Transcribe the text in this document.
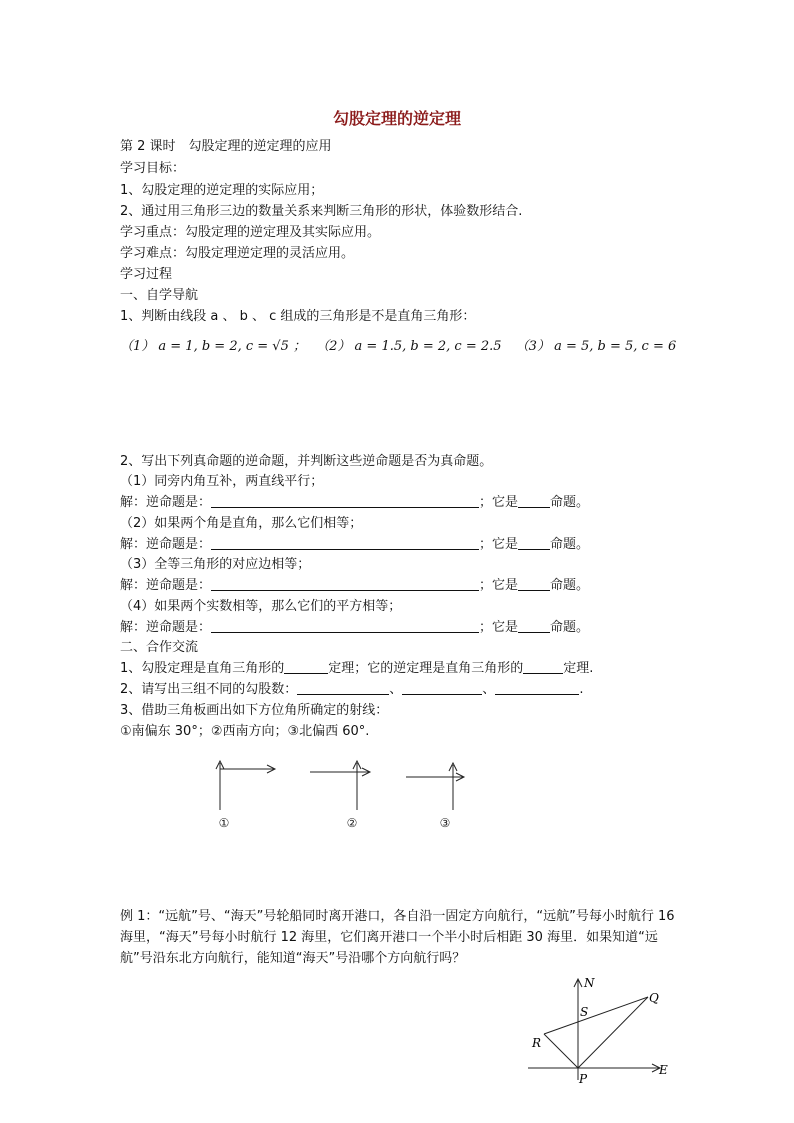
勾股定理的逆定理
第 2 课时　勾股定理的逆定理的应用
学习目标：
1、勾股定理的逆定理的实际应用；
2、通过用三角形三边的数量关系来判断三角形的形状，体验数形结合.
学习重点：勾股定理的逆定理及其实际应用。
学习难点：勾股定理逆定理的灵活应用。
学习过程
一、自学导航
1、判断由线段 a 、 b 、 c 组成的三角形是不是直角三角形：
（1） a = 1, b = 2, c = √5 ； （2） a = 1.5, b = 2, c = 2.5 （3） a = 5, b = 5, c = 6
2、写出下列真命题的逆命题，并判断这些逆命题是否为真命题。
（1）同旁内角互补，两直线平行；
解：逆命题是：	；它是 命题。
（2）如果两个角是直角，那么它们相等；
解：逆命题是：	；它是 命题。
（3）全等三角形的对应边相等；
解：逆命题是：	；它是 命题。
（4）如果两个实数相等，那么它们的平方相等；
解：逆命题是：	；它是 命题。
二、合作交流
1、勾股定理是直角三角形的	定理；它的逆定理是直角三角形的	定理.
2、请写出三组不同的勾股数：	、	、	.
3、借助三角板画出如下方位角所确定的射线：
①南偏东 30°；②西南方向；③北偏西 60°.
①	②	③
例 1：“远航”号、“海天”号轮船同时离开港口，各自沿一固定方向航行，“远航”号每小时航行 16 海里，“海天”号每小时航行 12 海里，它们离开港口一个半小时后相距 30 海里．如果知道“远航”号沿东北方向航行，能知道“海天”号沿哪个方向航行吗？
N
E
S
Q
R
P
